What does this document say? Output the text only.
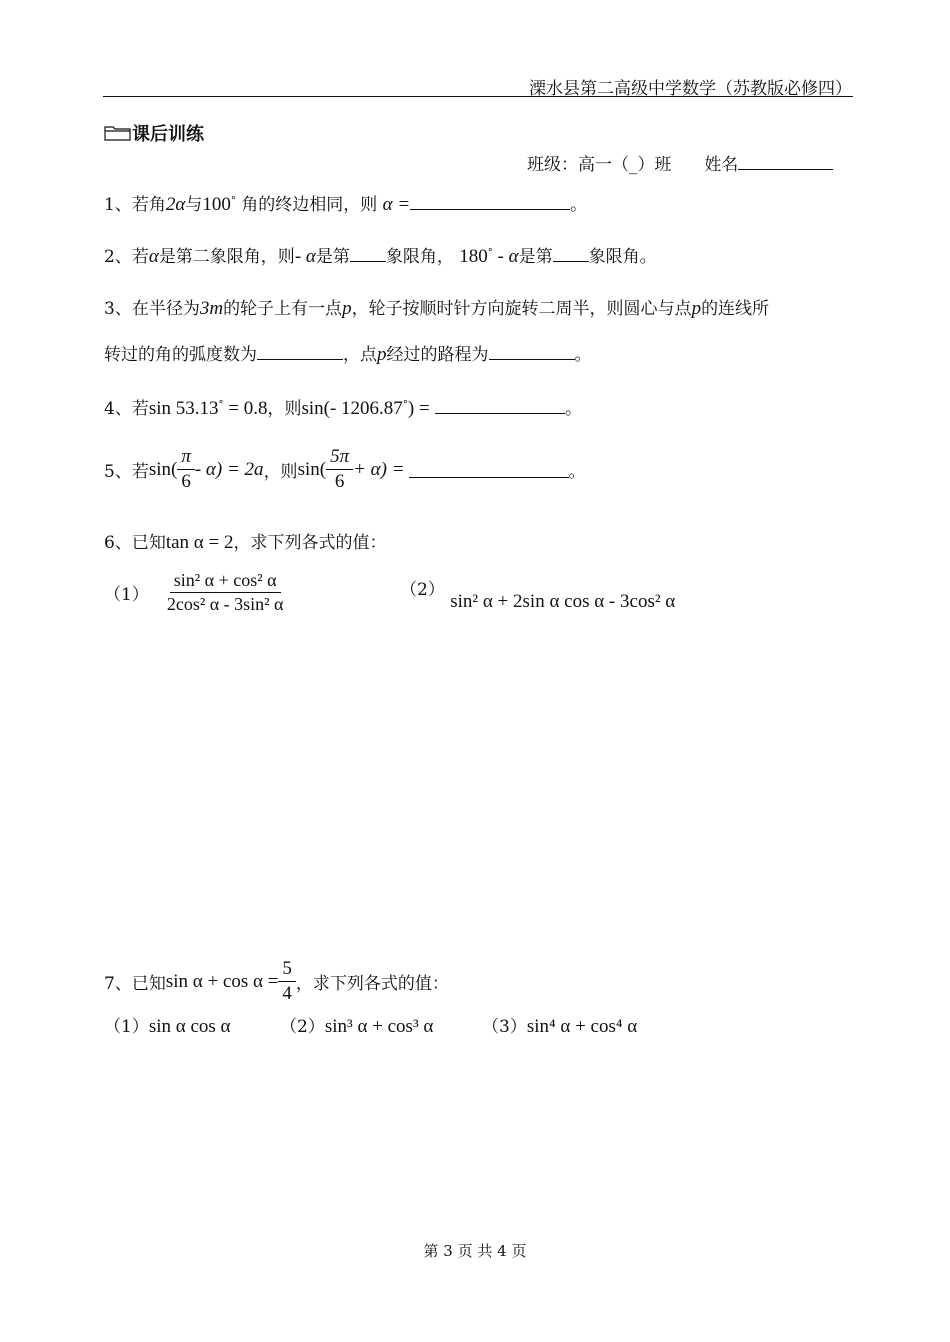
溧水县第二高级中学数学（苏教版必修四）
课后训练
班级：高一（_）班 姓名
1、若角2α与100° 角的终边相同，则 α =	。
2、若α是第二象限角，则- α是第 象限角， 180° - α是第 象限角。
3、在半径为3m的轮子上有一点p，轮子按顺时针方向旋转二周半，则圆心与点p的连线所
转过的角的弧度数为	，点p经过的路程为	。
4、若sin 53.13° = 0.8，则sin(- 1206.87°) =	。
5、 若 $\sin( \frac{\pi}{6} - \alpha) = 2a$ ，则 $\sin( \frac{5\pi}{6} + \alpha)$ =	。
6、已知tan α = 2，求下列各式的值：
$(1) \frac{\text{sin² α + cos² α}}{\text{2cos² α - 3sin² α}}$	（2） sin² α + 2sin α cos α - 3cos² α
7、 已知 $\sin \alpha + \cos \alpha = \frac{5}{4}$ ，求下列各式的值：
（1）sin α cos α	（2）sin³ α + cos³ α	（3）sin⁴ α + cos⁴ α
第 3 页 共 4 页
